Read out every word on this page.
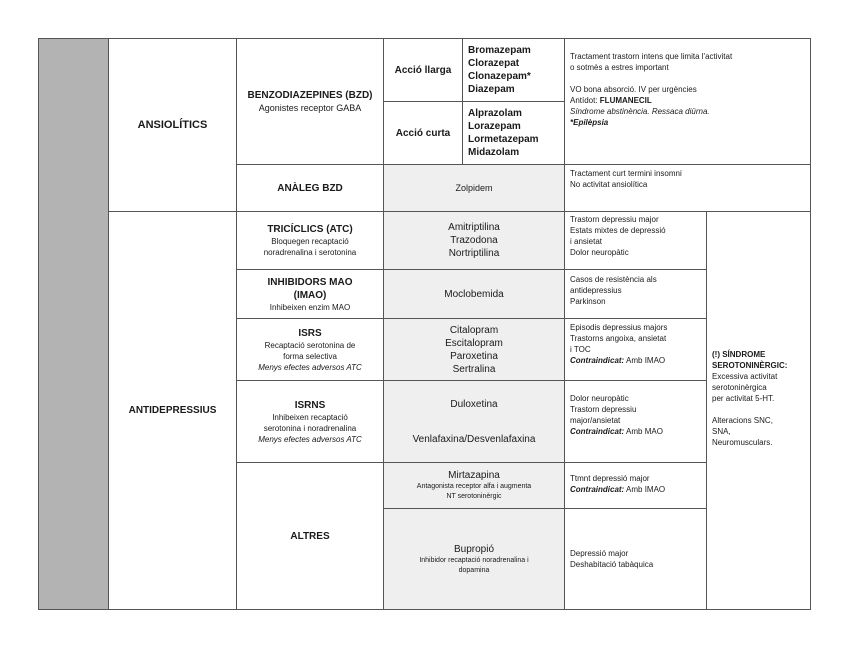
ANSIOLÍTICS
BENZODIAZEPINES (BZD)
Agonistes receptor GABA
Acció llarga
Bromazepam
Clorazepat
Clonazepam*
Diazepam
Acció curta
Alprazolam
Lorazepam
Lormetazepam
Midazolam
Tractament trastorn intens que limita l'activitat
o sotmès a estres important
VO bona absorció. IV per urgències
Antídot: FLUMANECIL
Síndrome abstinència. Ressaca diürna.
*Epilèpsia
ANÀLEG BZD	Zolpidem
Tractament curt termini insomni
No activitat ansiolítica
ANTIDEPRESSIUS
TRICÍCLICS (ATC)
Bloquegen recaptació
noradrenalina i serotonina
Amitriptilina
Trazodona
Nortriptilina
Trastorn depressiu major
Estats mixtes de depressió
i ansietat
Dolor neuropàtic
INHIBIDORS MAO
(IMAO)
Inhibeixen enzim MAO
Moclobemida
Casos de resistència als
antidepressius
Parkinson
ISRS
Recaptació serotonina de
forma selectiva
Menys efectes adversos ATC
Citalopram
Escitalopram
Paroxetina
Sertralina
Episodis depressius majors
Trastorns angoixa, ansietat
i TOC
Contraindicat: Amb IMAO
ISRNS
Inhibeixen recaptació
serotonina i noradrenalina
Menys efectes adversos ATC
Duloxetina
Venlafaxina/Desvenlafaxina
Dolor neuropàtic
Trastorn depressiu
major/ansietat
Contraindicat: Amb MAO
ALTRES
Mirtazapina
Antagonista receptor alfa i augmenta
NT serotoninèrgic
Ttmnt depressió major
Contraindicat: Amb IMAO
Bupropió
Inhibidor recaptació noradrenalina i
dopamina
Depressió major
Deshabitació tabàquica
(!) SÍNDROME
SEROTONINÈRGIC:
Excessiva activitat
serotoninèrgica
per activitat 5-HT.
Alteracions SNC,
SNA,
Neuromusculars.
